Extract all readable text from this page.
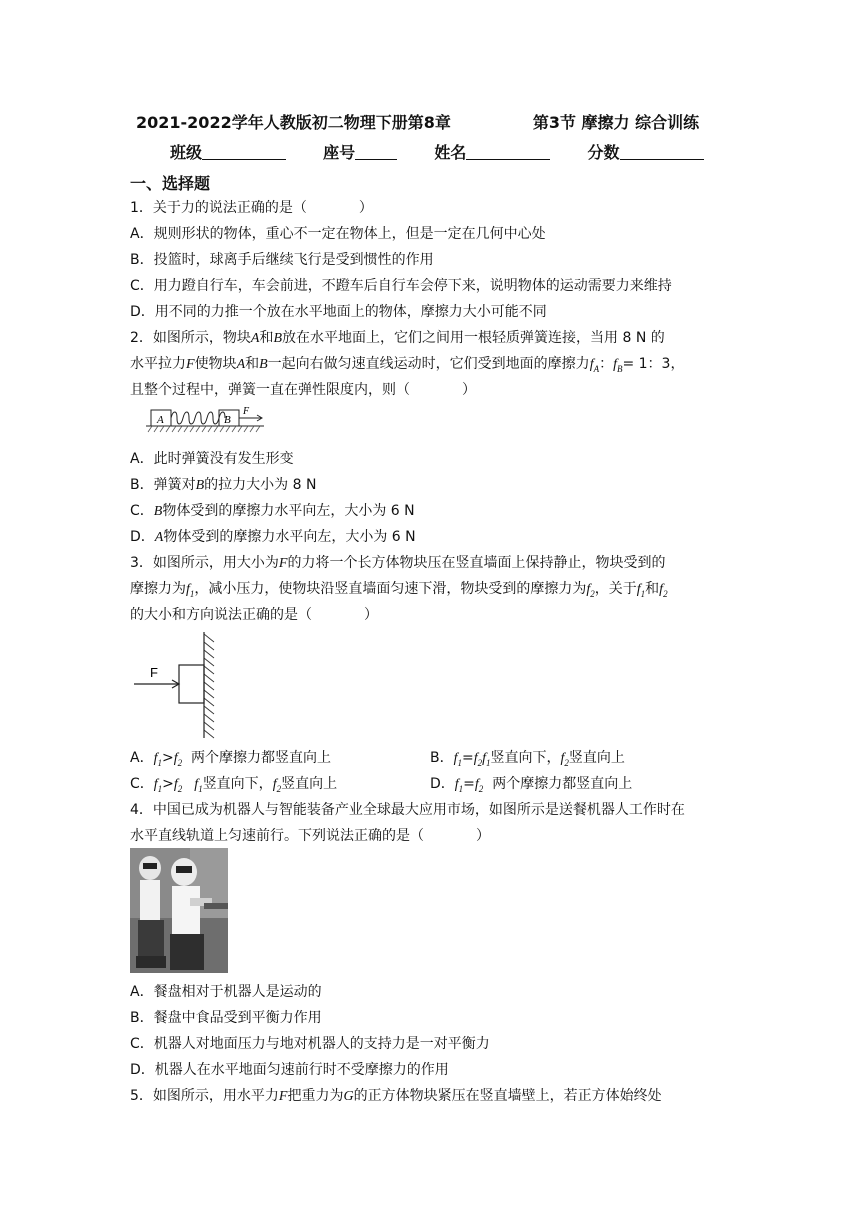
2021-2022学年人教版初二物理下册第8章	第3节 摩擦力 综合训练
班级	座号	姓名	分数
一、选择题
1．关于力的说法正确的是（	）
A．规则形状的物体，重心不一定在物体上，但是一定在几何中心处
B．投篮时，球离手后继续飞行是受到惯性的作用
C．用力蹬自行车，车会前进，不蹬车后自行车会停下来，说明物体的运动需要力来维持
D．用不同的力推一个放在水平地面上的物体，摩擦力大小可能不同
2．如图所示，物块A和B放在水平地面上，它们之间用一根轻质弹簧连接，当用 8 N 的
水平拉力F使物块A和B一起向右做匀速直线运动时，它们受到地面的摩擦力$f_A$：$f_B= 1$：3，
且整个过程中，弹簧一直在弹性限度内，则（	）
A	B
F
A．此时弹簧没有发生形变
B．弹簧对B的拉力大小为 8 N
C．B物体受到的摩擦力水平向左，大小为 6 N
D．A物体受到的摩擦力水平向左，大小为 6 N
3．如图所示，用大小为F的力将一个长方体物块压在竖直墙面上保持静止，物块受到的
摩擦力为$f_1$，减小压力，使物块沿竖直墙面匀速下滑，物块受到的摩擦力为$f_2$，关于$f_1$和$f_2$
的大小和方向说法正确的是（	）
F
A．$f_1>f_2$  两个摩擦力都竖直向上	B．$f_1=f_2f_1$竖直向下，$f_2$竖直向上
C．$f_1>f_2$ $f_1$竖直向下，$f_2$竖直向上	D．$f_1=f_2$  两个摩擦力都竖直向上
4．中国已成为机器人与智能装备产业全球最大应用市场，如图所示是送餐机器人工作时在
水平直线轨道上匀速前行。下列说法正确的是（	）
A．餐盘相对于机器人是运动的
B．餐盘中食品受到平衡力作用
C．机器人对地面压力与地对机器人的支持力是一对平衡力
D．机器人在水平地面匀速前行时不受摩擦力的作用
5．如图所示，用水平力F把重力为G的正方体物块紧压在竖直墙壁上，若正方体始终处
